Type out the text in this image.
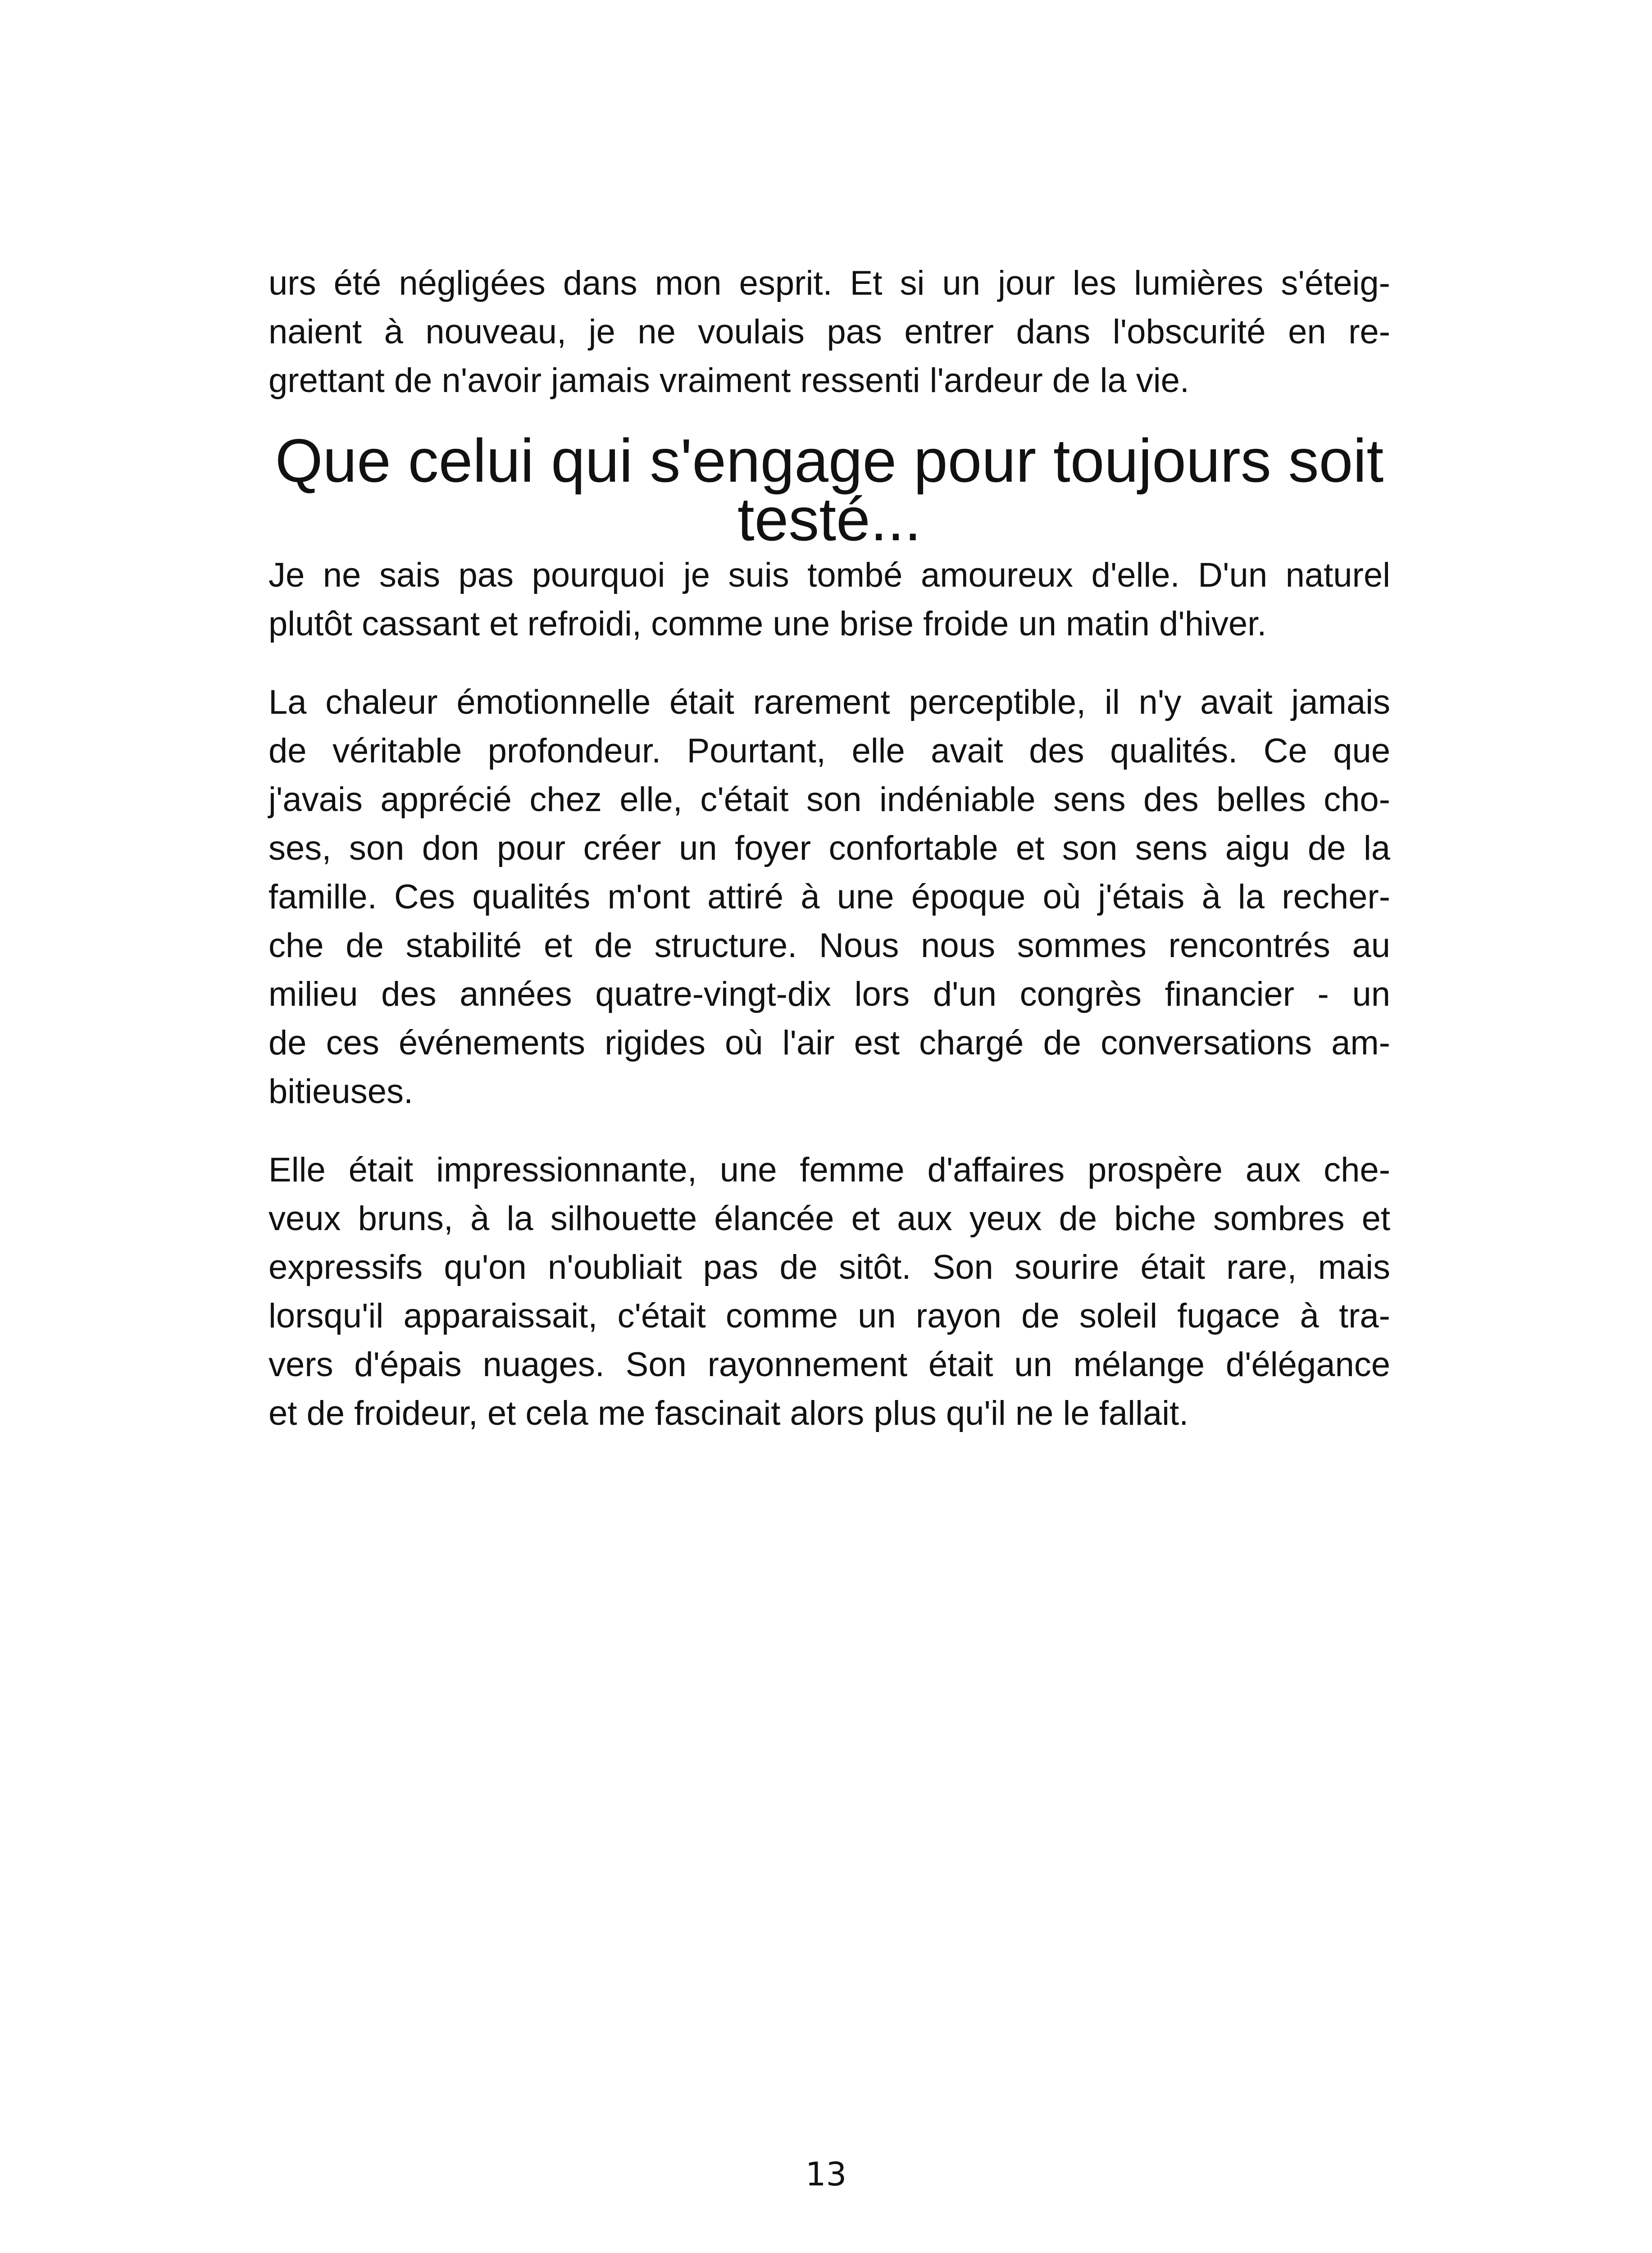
urs été négligées dans mon esprit. Et si un jour les lumières s'éteig-
naient à nouveau, je ne voulais pas entrer dans l'obscurité en re-
grettant de n'avoir jamais vraiment ressenti l'ardeur de la vie.

Que celui qui s'engage pour toujours soit
testé...

Je ne sais pas pourquoi je suis tombé amoureux d'elle. D'un naturel
plutôt cassant et refroidi, comme une brise froide un matin d'hiver.

La chaleur émotionnelle était rarement perceptible, il n'y avait jamais
de véritable profondeur. Pourtant, elle avait des qualités. Ce que
j'avais apprécié chez elle, c'était son indéniable sens des belles cho-
ses, son don pour créer un foyer confortable et son sens aigu de la
famille. Ces qualités m'ont attiré à une époque où j'étais à la recher-
che de stabilité et de structure. Nous nous sommes rencontrés au
milieu des années quatre-vingt-dix lors d'un congrès financier - un
de ces événements rigides où l'air est chargé de conversations am-
bitieuses.

Elle était impressionnante, une femme d'affaires prospère aux che-
veux bruns, à la silhouette élancée et aux yeux de biche sombres et
expressifs qu'on n'oubliait pas de sitôt. Son sourire était rare, mais
lorsqu'il apparaissait, c'était comme un rayon de soleil fugace à tra-
vers d'épais nuages. Son rayonnement était un mélange d'élégance
et de froideur, et cela me fascinait alors plus qu'il ne le fallait.

13
